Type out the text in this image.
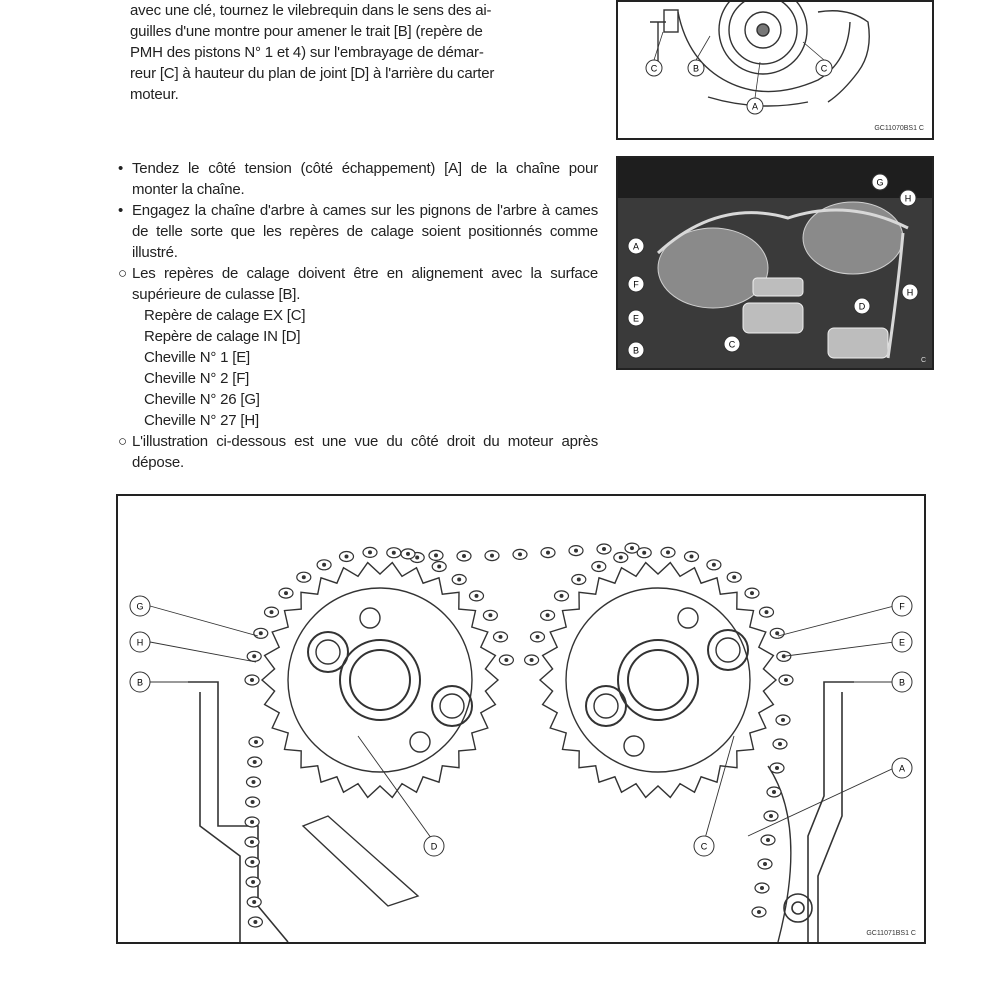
avec une clé, tournez le vilebrequin dans le sens des ai-

guilles d'une montre pour amener le trait [B] (repère de

PMH des pistons N° 1 et 4) sur l'embrayage de démar-

reur [C] à hauteur du plan de joint [D] à l'arrière du carter

moteur.

• Tendez le côté tension (côté échappement) [A] de la chaîne pour monter la chaîne.
• Engagez la chaîne d'arbre à cames sur les pignons de l'arbre à cames de telle sorte que les repères de calage soient positionnés comme illustré.
○ Les repères de calage doivent être en alignement avec la surface supérieure de culasse [B].
Repère de calage EX [C]
Repère de calage IN [D]
Cheville N° 1 [E]
Cheville N° 2 [F]
Cheville N° 26 [G]
Cheville N° 27 [H]
○ L'illustration ci-dessous est une vue du côté droit du moteur après dépose.
C	B
A
C
GC11070BS1 C
A
F
E
B
G
H
H
D
C
C
G
H
B
F
E
B
A
D	C
GC11071BS1 C
